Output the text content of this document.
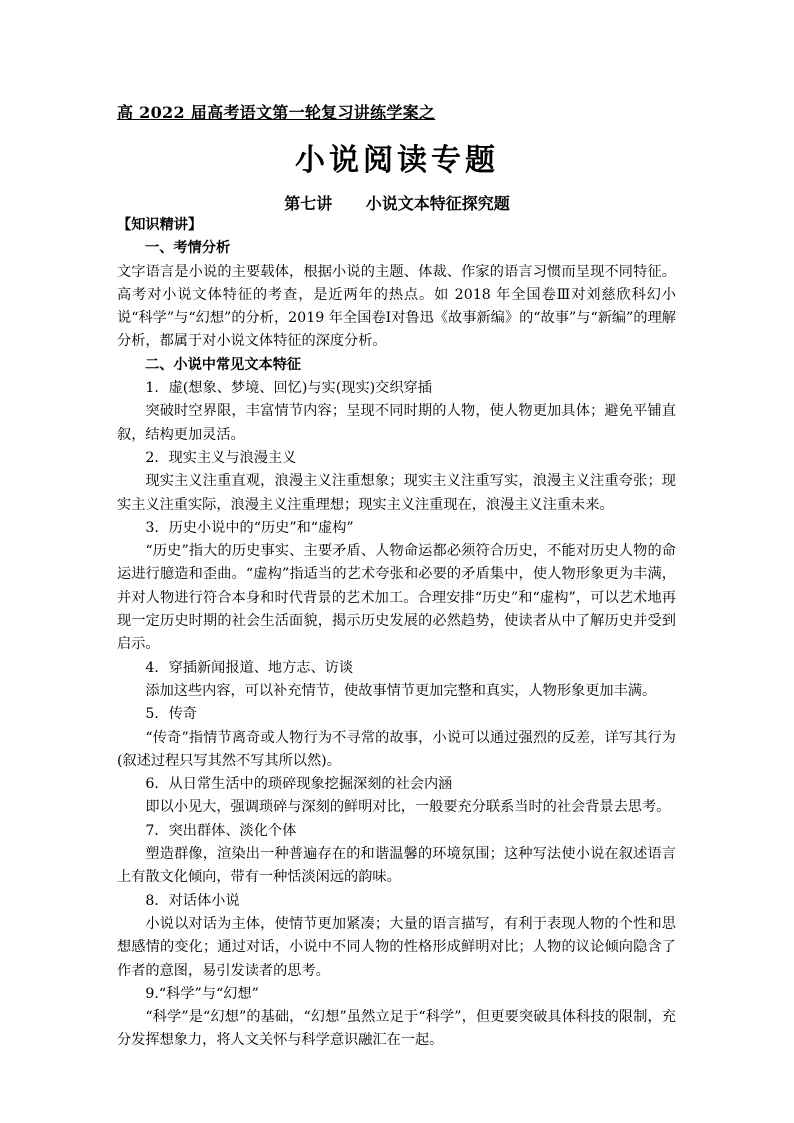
高 2022 届高考语文第一轮复习讲练学案之
小说阅读专题
第七讲      小说文本特征探究题

【知识精讲】

一、考情分析

文字语言是小说的主要载体，根据小说的主题、体裁、作家的语言习惯而呈现不同特征。高考对小说文体特征的考查，是近两年的热点。如 2018 年全国卷Ⅲ对刘慈欣科幻小说“科学”与“幻想”的分析，2019 年全国卷Ⅰ对鲁迅《故事新编》的“故事”与“新编”的理解分析，都属于对小说文体特征的深度分析。

二、小说中常见文本特征

1．虚(想象、梦境、回忆)与实(现实)交织穿插

突破时空界限，丰富情节内容；呈现不同时期的人物，使人物更加具体；避免平铺直叙，结构更加灵活。

2．现实主义与浪漫主义

现实主义注重直观，浪漫主义注重想象；现实主义注重写实，浪漫主义注重夸张；现实主义注重实际，浪漫主义注重理想；现实主义注重现在，浪漫主义注重未来。

3．历史小说中的“历史”和“虚构”

“历史”指大的历史事实、主要矛盾、人物命运都必须符合历史，不能对历史人物的命运进行臆造和歪曲。“虚构”指适当的艺术夸张和必要的矛盾集中，使人物形象更为丰满，并对人物进行符合本身和时代背景的艺术加工。合理安排“历史”和“虚构”，可以艺术地再现一定历史时期的社会生活面貌，揭示历史发展的必然趋势，使读者从中了解历史并受到启示。

4．穿插新闻报道、地方志、访谈

添加这些内容，可以补充情节，使故事情节更加完整和真实，人物形象更加丰满。

5．传奇

“传奇”指情节离奇或人物行为不寻常的故事，小说可以通过强烈的反差，详写其行为(叙述过程只写其然不写其所以然)。

6．从日常生活中的琐碎现象挖掘深刻的社会内涵

即以小见大，强调琐碎与深刻的鲜明对比，一般要充分联系当时的社会背景去思考。

7．突出群体、淡化个体

塑造群像，渲染出一种普遍存在的和谐温馨的环境氛围；这种写法使小说在叙述语言上有散文化倾向，带有一种恬淡闲远的韵味。

8．对话体小说

小说以对话为主体，使情节更加紧凑；大量的语言描写，有利于表现人物的个性和思想感情的变化；通过对话，小说中不同人物的性格形成鲜明对比；人物的议论倾向隐含了作者的意图，易引发读者的思考。

9.“科学”与“幻想”

“科学”是“幻想”的基础，“幻想”虽然立足于“科学”，但更要突破具体科技的限制，充分发挥想象力，将人文关怀与科学意识融汇在一起。
